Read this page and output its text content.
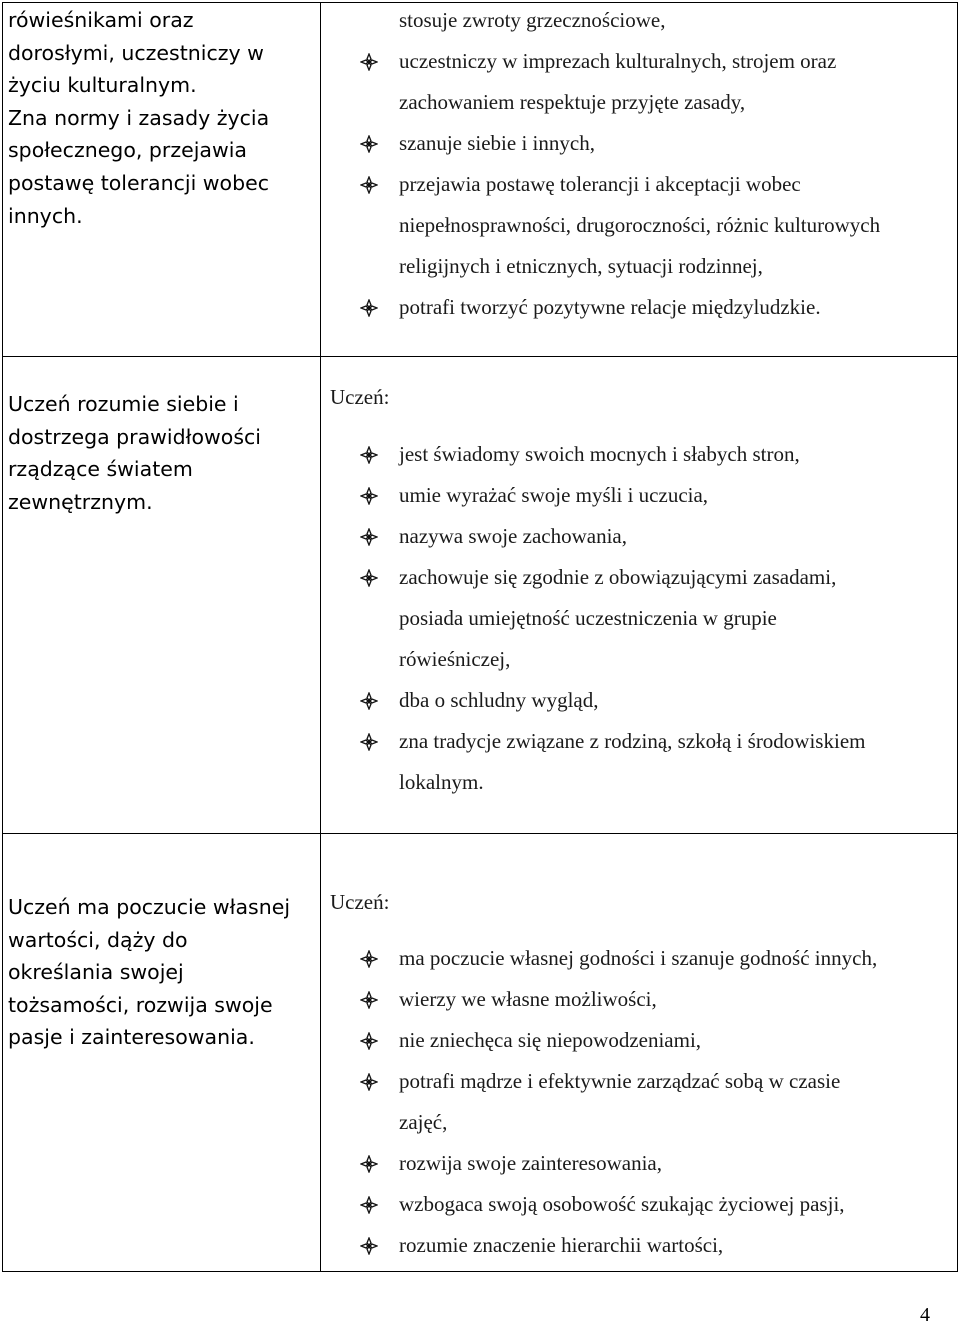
rówieśnikami oraz
dorosłymi, uczestniczy w
życiu kulturalnym.
Zna normy i zasady życia
społecznego, przejawia
postawę tolerancji wobec
innych.
stosuje zwroty grzecznościowe,
uczestniczy w imprezach kulturalnych, strojem oraz
zachowaniem respektuje przyjęte zasady,
szanuje siebie i innych,
przejawia postawę tolerancji i akceptacji wobec
niepełnosprawności, drugoroczności, różnic kulturowych
religijnych i etnicznych, sytuacji rodzinnej,
potrafi tworzyć pozytywne relacje międzyludzkie.
Uczeń rozumie siebie i
dostrzega prawidłowości
rządzące światem
zewnętrznym.
Uczeń:
jest świadomy swoich mocnych i słabych stron,
umie wyrażać swoje myśli i uczucia,
nazywa swoje zachowania,
zachowuje się zgodnie z obowiązującymi zasadami,
posiada umiejętność uczestniczenia w grupie
rówieśniczej,
dba o schludny wygląd,
zna tradycje związane z rodziną, szkołą i środowiskiem
lokalnym.
Uczeń ma poczucie własnej
wartości, dąży do
określania swojej
tożsamości, rozwija swoje
pasje i zainteresowania.
Uczeń:
ma poczucie własnej godności i szanuje godność innych,
wierzy we własne możliwości,
nie zniechęca się niepowodzeniami,
potrafi mądrze i efektywnie zarządzać sobą w czasie
zajęć,
rozwija swoje zainteresowania,
wzbogaca swoją osobowość szukając życiowej pasji,
rozumie znaczenie hierarchii wartości,
4
